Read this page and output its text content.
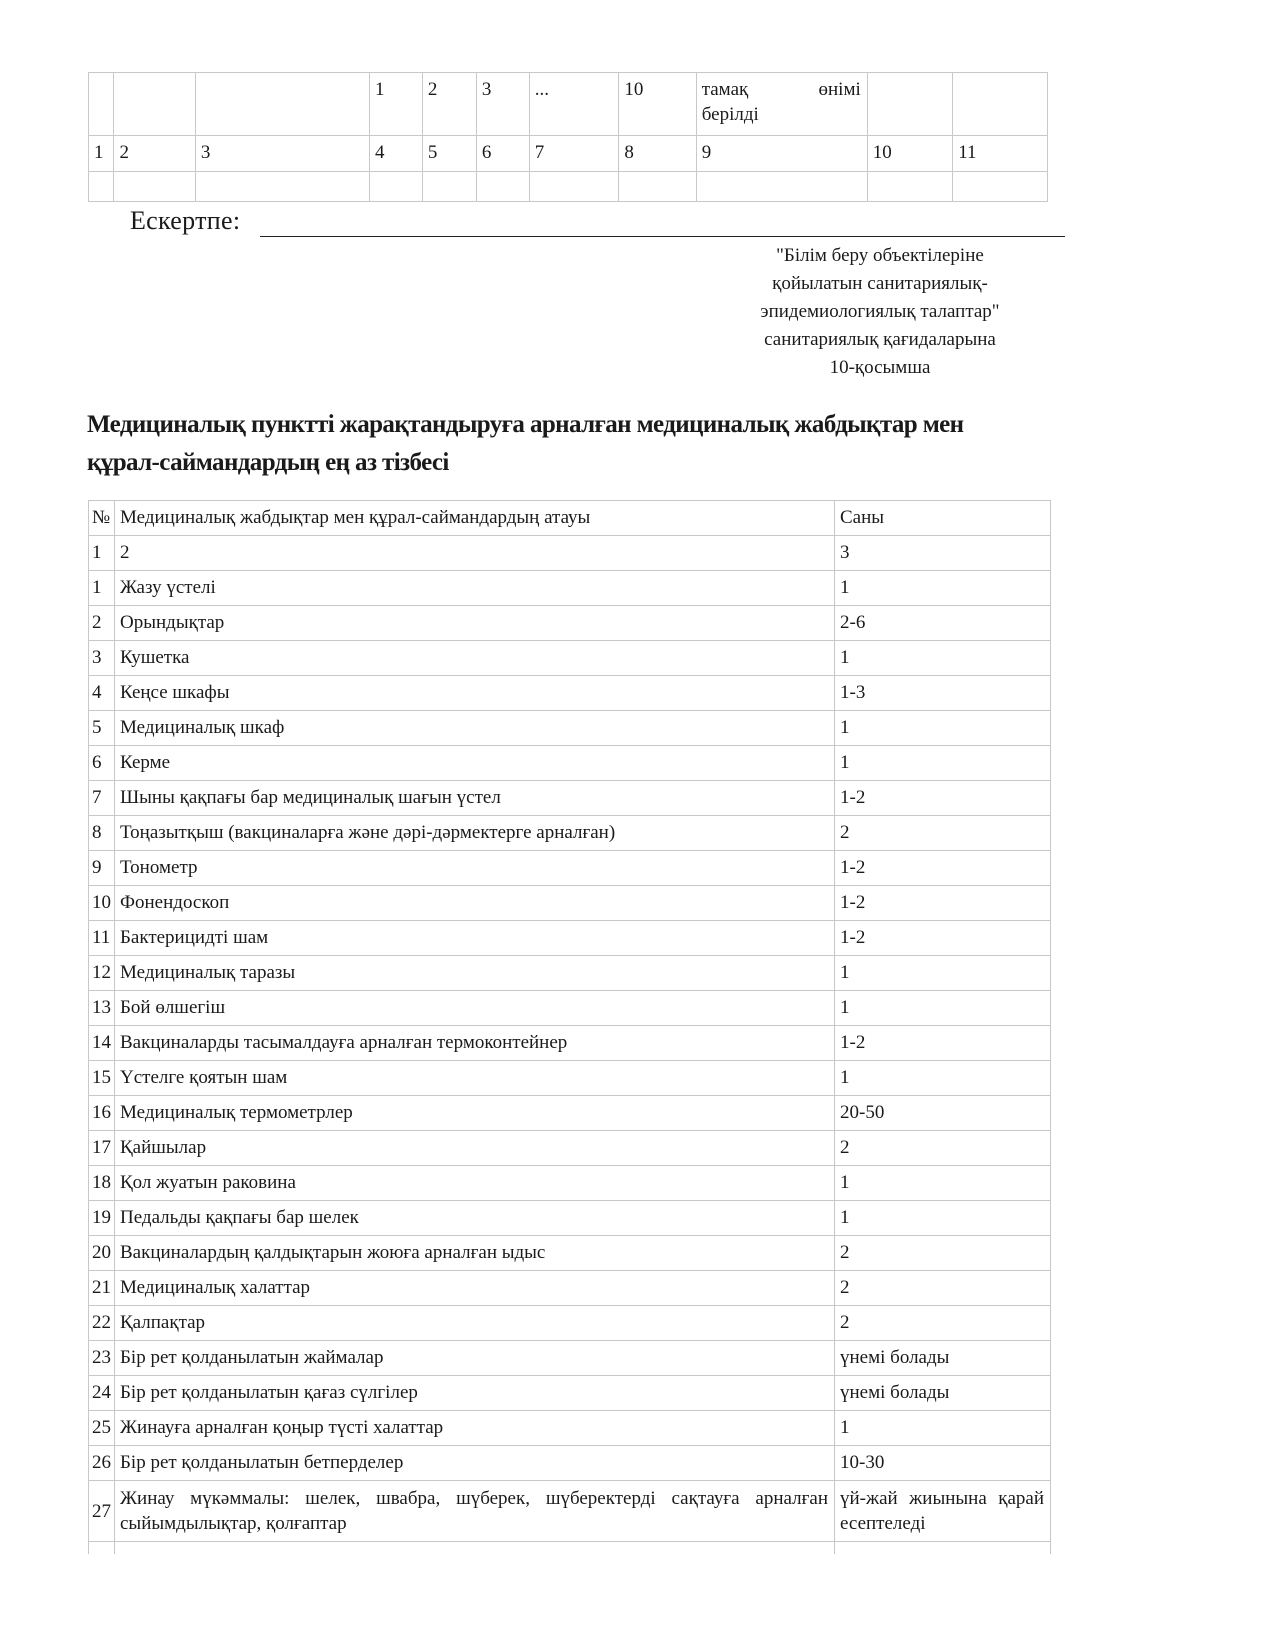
			1	2	3	...	10	тамақ өнімі берілді		
1	2	3	4	5	6	7	8	9	10	11

Ескертпе:
"Білім беру объектілеріне
қойылатын санитариялық-
эпидемиологиялық талаптар"
санитариялық қағидаларына
10-қосымша
Медициналық пунктті жарақтандыруға арналған медициналық жабдықтар мен
құрал-саймандардың ең аз тізбесі
№	Медициналық жабдықтар мен құрал-саймандардың атауы	Саны
1	2	3
1	Жазу үстелі	1
2	Орындықтар	2-6
3	Кушетка	1
4	Кеңсе шкафы	1-3
5	Медициналық шкаф	1
6	Керме	1
7	Шыны қақпағы бар медициналық шағын үстел	1-2
8	Тоңазытқыш (вакциналарға және дәрі-дәрмектерге арналған)	2
9	Тонометр	1-2
10	Фонендоскоп	1-2
11	Бактерицидті шам	1-2
12	Медициналық таразы	1
13	Бой өлшегіш	1
14	Вакциналарды тасымалдауға арналған термоконтейнер	1-2
15	Үстелге қоятын шам	1
16	Медициналық термометрлер	20-50
17	Қайшылар	2
18	Қол жуатын раковина	1
19	Педальды қақпағы бар шелек	1
20	Вакциналардың қалдықтарын жоюға арналған ыдыс	2
21	Медициналық халаттар	2
22	Қалпақтар	2
23	Бір рет қолданылатын жаймалар	үнемі болады
24	Бір рет қолданылатын қағаз сүлгілер	үнемі болады
25	Жинауға арналған қоңыр түсті халаттар	1
26	Бір рет қолданылатын бетперделер	10-30
27	Жинау мүкәммалы: шелек, швабра, шүберек, шүберектерді сақтауға арналған сыйымдылықтар, қолғаптар	үй-жай жиынына қарай есептеледі
